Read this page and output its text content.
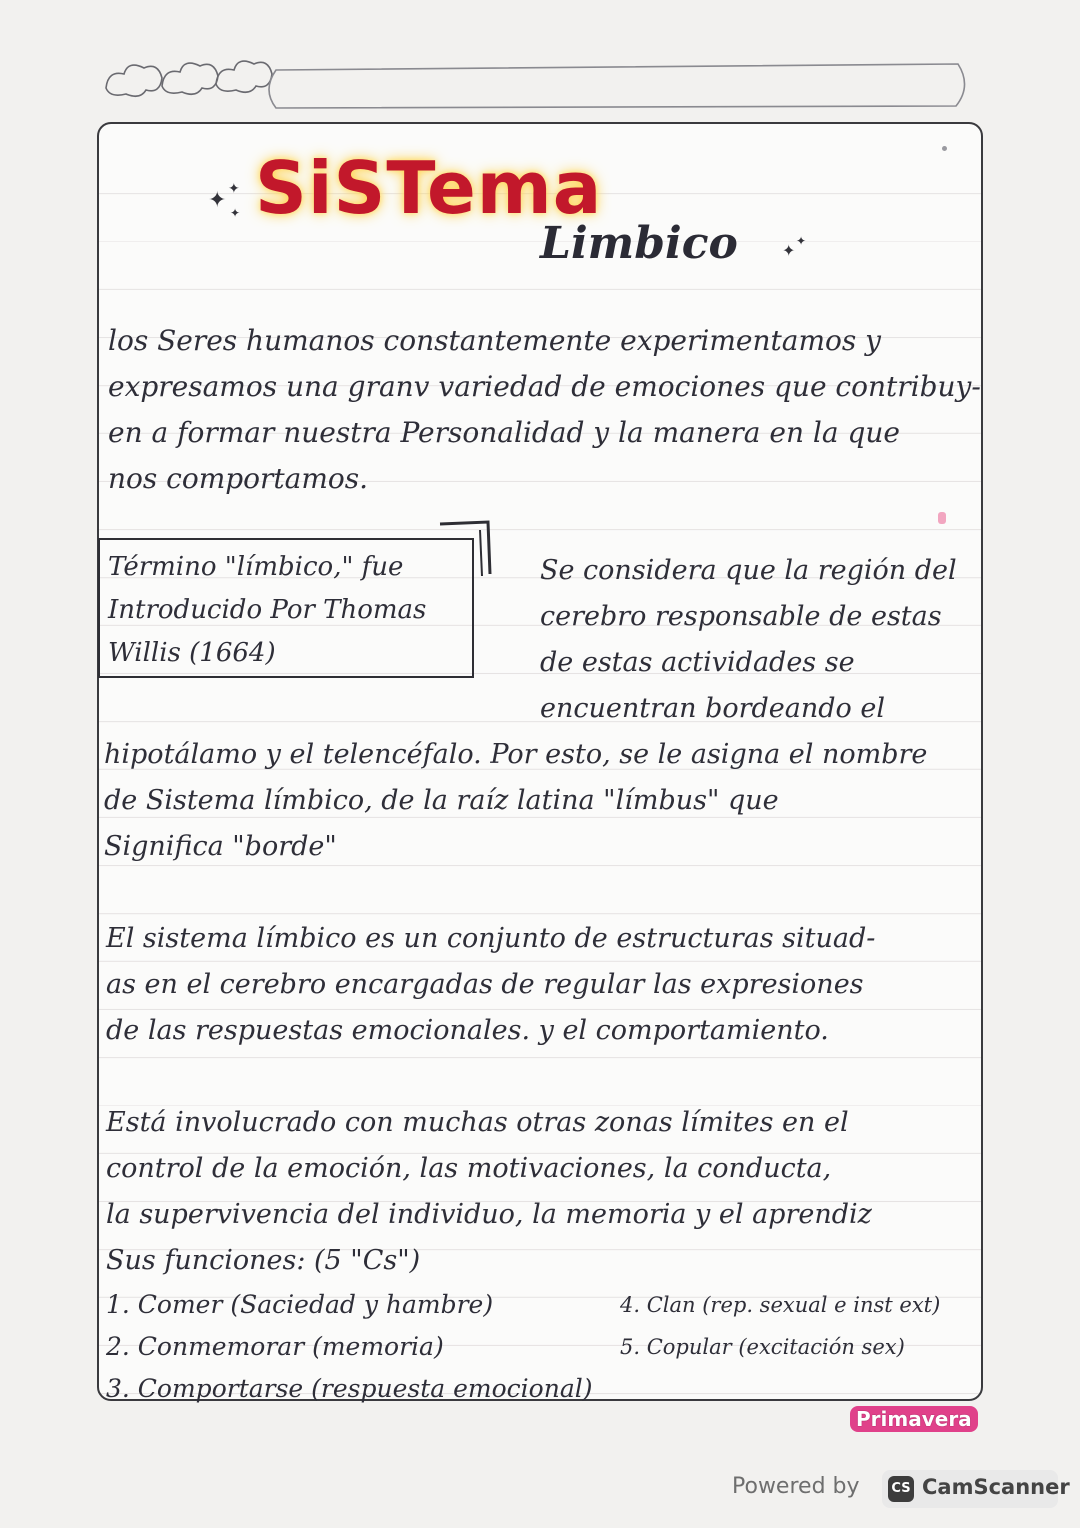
✦ ✦
✦ SiSTema
Limbico	✦ ✦
los Seres humanos constantemente experimentamos y
expresamos una granv variedad de emociones que contribuy-
en a formar nuestra Personalidad y la manera en la que
nos comportamos.
Término "límbico," fue
Introducido Por Thomas
Willis (1664)
Se considera que la región del
cerebro responsable de estas
de estas actividades se
encuentran bordeando el
hipotálamo y el telencéfalo. Por esto, se le asigna el nombre
de Sistema límbico, de la raíz latina "límbus" que
Significa "borde"
El sistema límbico es un conjunto de estructuras situad-
as en el cerebro encargadas de regular las expresiones
de las respuestas emocionales. y el comportamiento.
Está involucrado con muchas otras zonas límites en el
control de la emoción, las motivaciones, la conducta,
la supervivencia del individuo, la memoria y el aprendiz
Sus funciones: (5 "Cs")
1. Comer (Saciedad y hambre)
2. Conmemorar (memoria)
3. Comportarse (respuesta emocional)
4. Clan (rep. sexual e inst ext)
5. Copular (excitación sex)
Primavera
Powered by CS CamScanner
